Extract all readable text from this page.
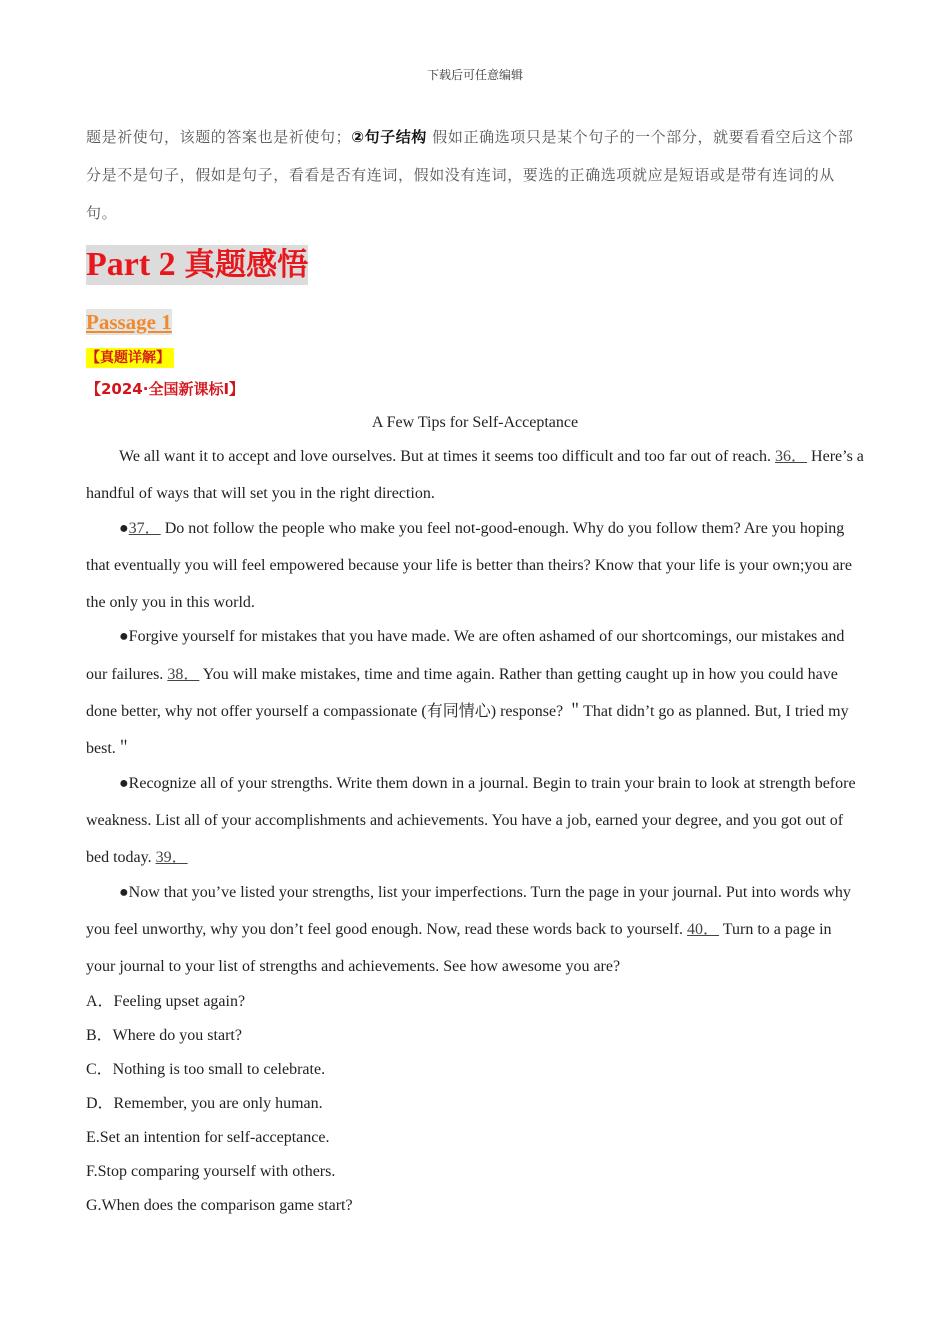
下载后可任意编辑

题是祈使句，该题的答案也是祈使句；②句子结构 假如正确选项只是某个句子的一个部分，就要看看空后这个部分是不是句子，假如是句子，看看是否有连词，假如没有连词，要选的正确选项就应是短语或是带有连词的从句。

Part 2 真题感悟
Passage 1
【真题详解】
【2024·全国新课标I】
A Few Tips for Self-Acceptance

We all want it to accept and love ourselves. But at times it seems too difficult and too far out of reach. 36． Here’s a handful of ways that will set you in the right direction.

●37． Do not follow the people who make you feel not-good-enough. Why do you follow them? Are you hoping that eventually you will feel empowered because your life is better than theirs? Know that your life is your own;you are the only you in this world.

●Forgive yourself for mistakes that you have made. We are often ashamed of our shortcomings, our mistakes and our failures. 38． You will make mistakes, time and time again. Rather than getting caught up in how you could have done better, why not offer yourself a compassionate (有同情心) response? ＂That didn’t go as planned. But, I tried my best.＂

●Recognize all of your strengths. Write them down in a journal. Begin to train your brain to look at strength before weakness. List all of your accomplishments and achievements. You have a job, earned your degree, and you got out of bed today. 39．

●Now that you’ve listed your strengths, list your imperfections. Turn the page in your journal. Put into words why you feel unworthy, why you don’t feel good enough. Now, read these words back to yourself. 40． Turn to a page in your journal to your list of strengths and achievements. See how awesome you are?

A．Feeling upset again?

B．Where do you start?

C．Nothing is too small to celebrate.

D．Remember, you are only human.

E.Set an intention for self-acceptance.

F.Stop comparing yourself with others.

G.When does the comparison game start?
